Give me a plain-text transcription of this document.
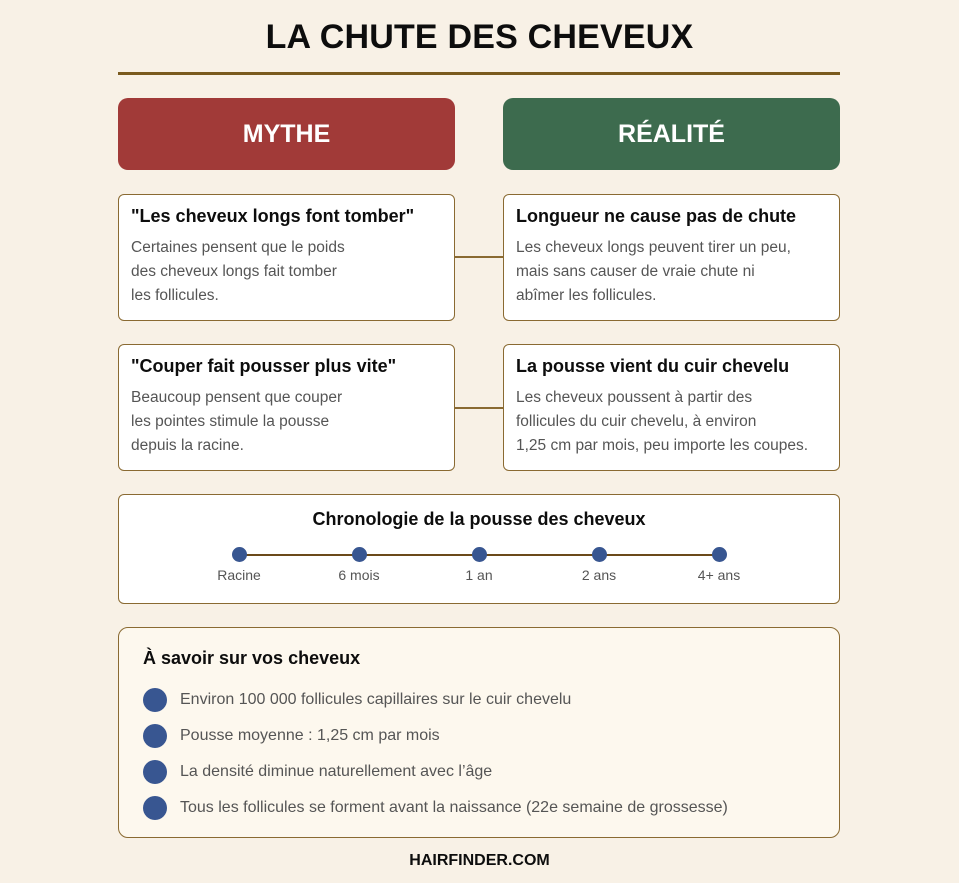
LA CHUTE DES CHEVEUX
MYTHE	RÉALITÉ
"Les cheveux longs font tomber"
Certaines pensent que le poids
des cheveux longs fait tomber
les follicules.
Longueur ne cause pas de chute
Les cheveux longs peuvent tirer un peu,
mais sans causer de vraie chute ni
abîmer les follicules.
"Couper fait pousser plus vite"
Beaucoup pensent que couper
les pointes stimule la pousse
depuis la racine.
La pousse vient du cuir chevelu
Les cheveux poussent à partir des
follicules du cuir chevelu, à environ
1,25 cm par mois, peu importe les coupes.
Chronologie de la pousse des cheveux
Racine	6 mois	1 an	2 ans	4+ ans
À savoir sur vos cheveux
Environ 100 000 follicules capillaires sur le cuir chevelu
Pousse moyenne : 1,25 cm par mois
La densité diminue naturellement avec l’âge
Tous les follicules se forment avant la naissance (22e semaine de grossesse)
HAIRFINDER.COM
